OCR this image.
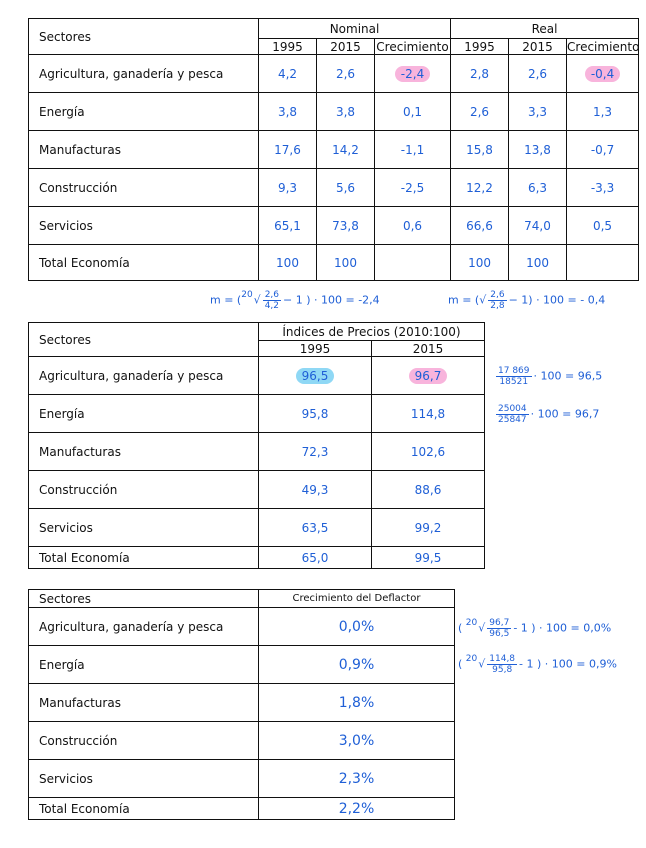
Sectores	Nominal			Real		
	1995	2015	Crecimiento	1995	2015	Crecimiento
Agricultura, ganadería y pesca	4,2	2,6	-2,4	2,8	2,6	-0,4
Energía	3,8	3,8	0,1	2,6	3,3	1,3
Manufacturas	17,6	14,2	-1,1	15,8	13,8	-0,7
Construcción	9,3	5,6	-2,5	12,2	6,3	-3,3
Servicios	65,1	73,8	0,6	66,6	74,0	0,5
Total Economía	100	100		100	100	
$m = (^{20}√ \frac{2,6}{4,2} - 1$ ) · 100 = -2,4	m = (√ $\frac{2,6}{2,8} - 1) \cdot 100$ = - 0,4
Sectores	Índices de Precios (2010:100)	
	1995	2015
Agricultura, ganadería y pesca	96,5	96,7
Energía	95,8	114,8
Manufacturas	72,3	102,6
Construcción	49,3	88,6
Servicios	63,5	99,2
Total Economía	65,0	99,5
$\frac{17 869}{18521} \cdot 100 = 96,5$
$\frac{25004}{25847} \cdot 100 = 96,7$
Sectores	Crecimiento del Deflactor
Agricultura, ganadería y pesca	0,0%
Energía	0,9%
Manufacturas	1,8%
Construcción	3,0%
Servicios	2,3%
Total Economía	2,2%
( $^{20}√ \frac{96,7}{96,5} - 1$ ) · 100 = 0,0%
( $^{20}√ \frac{114,8}{95,8} - 1$ ) · 100 = 0,9%
